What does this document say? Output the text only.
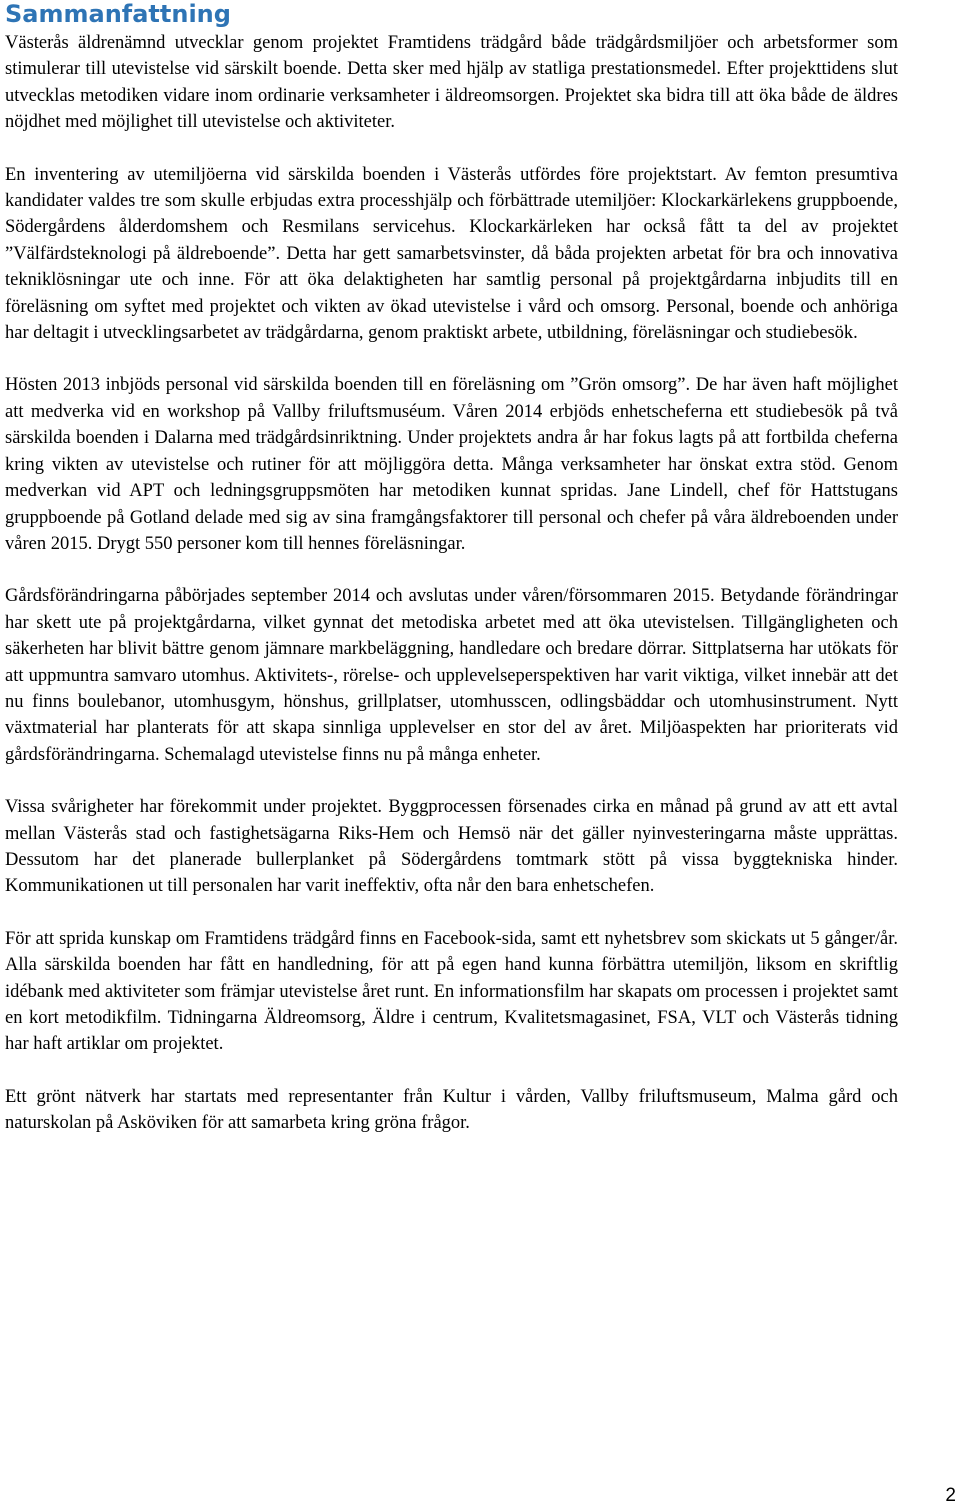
Sammanfattning

Västerås äldrenämnd utvecklar genom projektet Framtidens trädgård både trädgårdsmiljöer och arbetsformer som stimulerar till utevistelse vid särskilt boende. Detta sker med hjälp av statliga prestationsmedel. Efter projekttidens slut utvecklas metodiken vidare inom ordinarie verksamheter i äldreomsorgen. Projektet ska bidra till att öka både de äldres nöjdhet med möjlighet till utevistelse och aktiviteter.

En inventering av utemiljöerna vid särskilda boenden i Västerås utfördes före projektstart. Av femton presumtiva kandidater valdes tre som skulle erbjudas extra processhjälp och förbättrade utemiljöer: Klockarkärlekens gruppboende, Södergårdens ålderdomshem och Resmilans servicehus. Klockarkärleken har också fått ta del av projektet ”Välfärdsteknologi på äldreboende”. Detta har gett samarbetsvinster, då båda projekten arbetat för bra och innovativa tekniklösningar ute och inne. För att öka delaktigheten har samtlig personal på projektgårdarna inbjudits till en föreläsning om syftet med projektet och vikten av ökad utevistelse i vård och omsorg. Personal, boende och anhöriga har deltagit i utvecklingsarbetet av trädgårdarna, genom praktiskt arbete, utbildning, föreläsningar och studiebesök.

Hösten 2013 inbjöds personal vid särskilda boenden till en föreläsning om ”Grön omsorg”. De har även haft möjlighet att medverka vid en workshop på Vallby friluftsmuséum. Våren 2014 erbjöds enhetscheferna ett studiebesök på två särskilda boenden i Dalarna med trädgårdsinriktning. Under projektets andra år har fokus lagts på att fortbilda cheferna kring vikten av utevistelse och rutiner för att möjliggöra detta. Många verksamheter har önskat extra stöd. Genom medverkan vid APT och ledningsgruppsmöten har metodiken kunnat spridas. Jane Lindell, chef för Hattstugans gruppboende på Gotland delade med sig av sina framgångsfaktorer till personal och chefer på våra äldreboenden under våren 2015. Drygt 550 personer kom till hennes föreläsningar.

Gårdsförändringarna påbörjades september 2014 och avslutas under våren/försommaren 2015. Betydande förändringar har skett ute på projektgårdarna, vilket gynnat det metodiska arbetet med att öka utevistelsen. Tillgängligheten och säkerheten har blivit bättre genom jämnare markbeläggning, handledare och bredare dörrar. Sittplatserna har utökats för att uppmuntra samvaro utomhus. Aktivitets-, rörelse- och upplevelseperspektiven har varit viktiga, vilket innebär att det nu finns boulebanor, utomhusgym, hönshus, grillplatser, utomhusscen, odlingsbäddar och utomhusinstrument. Nytt växtmaterial har planterats för att skapa sinnliga upplevelser en stor del av året. Miljöaspekten har prioriterats vid gårdsförändringarna. Schemalagd utevistelse finns nu på många enheter.

Vissa svårigheter har förekommit under projektet. Byggprocessen försenades cirka en månad på grund av att ett avtal mellan Västerås stad och fastighetsägarna Riks-Hem och Hemsö när det gäller nyinvesteringarna måste upprättas. Dessutom har det planerade bullerplanket på Södergårdens tomtmark stött på vissa byggtekniska hinder. Kommunikationen ut till personalen har varit ineffektiv, ofta når den bara enhetschefen.

För att sprida kunskap om Framtidens trädgård finns en Facebook-sida, samt ett nyhetsbrev som skickats ut 5 gånger/år. Alla särskilda boenden har fått en handledning, för att på egen hand kunna förbättra utemiljön, liksom en skriftlig idébank med aktiviteter som främjar utevistelse året runt. En informationsfilm har skapats om processen i projektet samt en kort metodikfilm. Tidningarna Äldreomsorg, Äldre i centrum, Kvalitetsmagasinet, FSA, VLT och Västerås tidning har haft artiklar om projektet.

Ett grönt nätverk har startats med representanter från Kultur i vården, Vallby friluftsmuseum, Malma gård och naturskolan på Asköviken för att samarbeta kring gröna frågor.

2
